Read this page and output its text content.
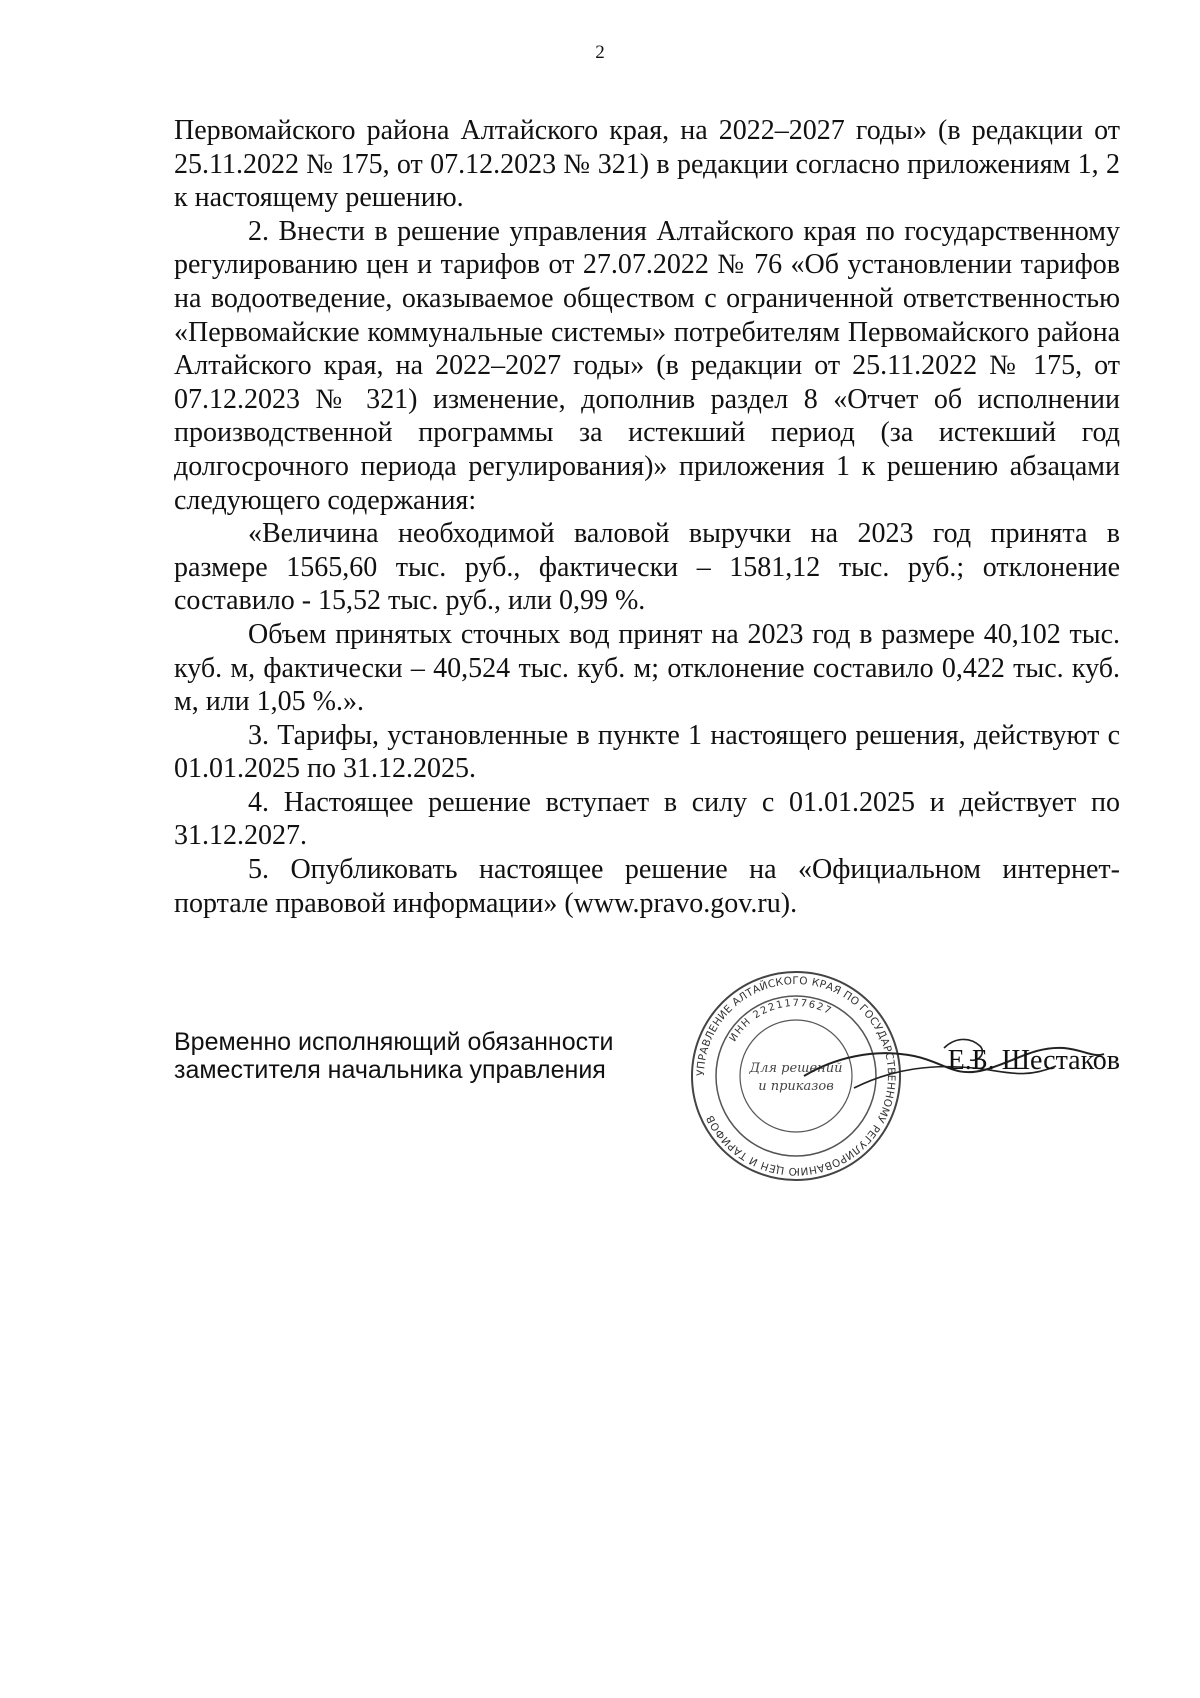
2

Первомайского района Алтайского края, на 2022–2027 годы» (в редакции от 25.11.2022 № 175, от 07.12.2023 № 321) в редакции согласно приложениям 1, 2 к настоящему решению.

2. Внести в решение управления Алтайского края по государственному регулированию цен и тарифов от 27.07.2022 № 76 «Об установлении тарифов на водоотведение, оказываемое обществом с ограниченной ответственностью «Первомайские коммунальные системы» потребителям Первомайского района Алтайского края, на 2022–2027 годы» (в редакции от 25.11.2022 № 175, от 07.12.2023 № 321) изменение, дополнив раздел 8 «Отчет об исполнении производственной программы за истекший период (за истекший год долгосрочного периода регулирования)» приложения 1 к решению абзацами следующего содержания:

«Величина необходимой валовой выручки на 2023 год принята в размере 1565,60 тыс. руб., фактически – 1581,12 тыс. руб.; отклонение составило - 15,52 тыс. руб., или 0,99 %.

Объем принятых сточных вод принят на 2023 год в размере 40,102 тыс. куб. м, фактически – 40,524 тыс. куб. м; отклонение составило 0,422 тыс. куб. м, или 1,05 %.».

3. Тарифы, установленные в пункте 1 настоящего решения, действуют с 01.01.2025 по 31.12.2025.

4. Настоящее решение вступает в силу с 01.01.2025 и действует по 31.12.2027.

5. Опубликовать настоящее решение на «Официальном интернет-портале правовой информации» (www.pravo.gov.ru).

Временно исполняющий обязанности
заместителя начальника управления	УПРАВЛЕНИЕ АЛТАЙСКОГО КРАЯ ПО ГОСУДАРСТВЕННОМУ РЕГУЛИРОВАНИЮ ЦЕН И ТАРИФОВ
ИНН 2221177627
Для решений
и приказов
Е.Б. Шестаков
